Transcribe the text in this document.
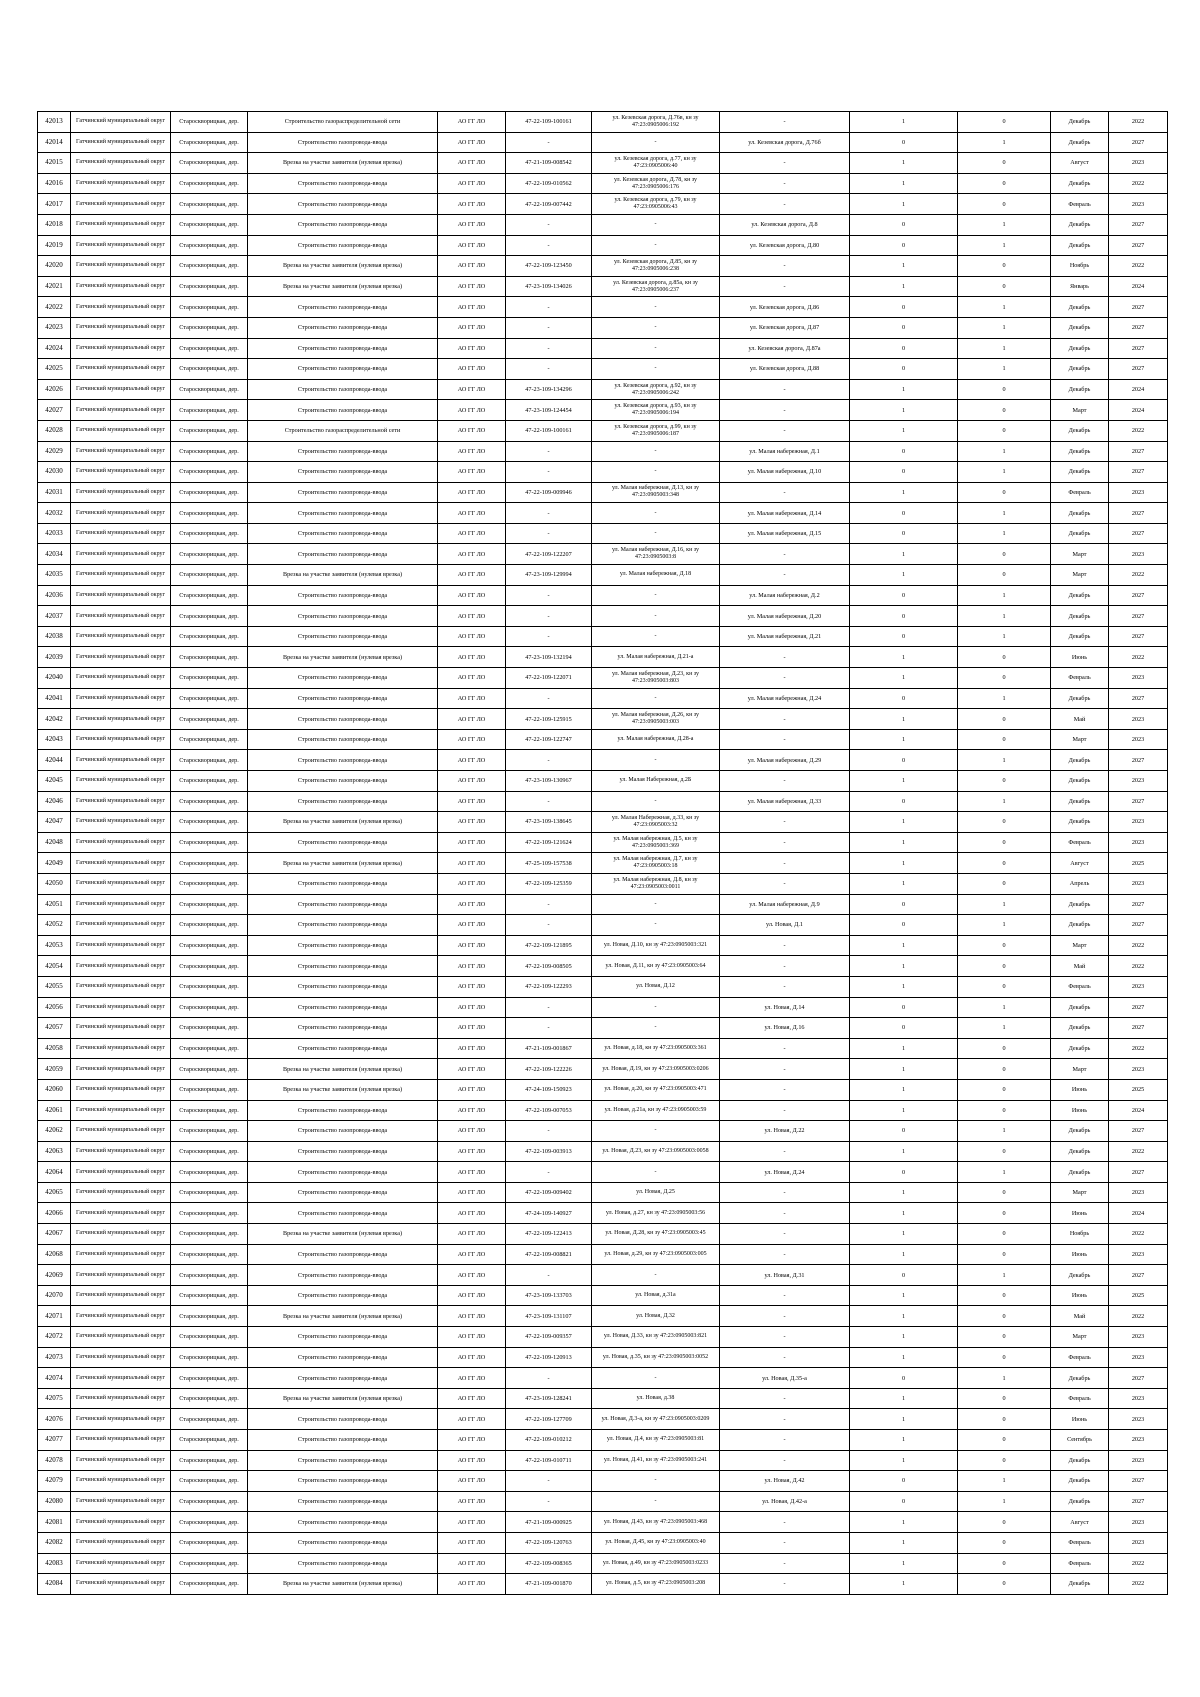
42013	Гатчинский муниципальный округ	Староскворицкая, дер.	Строительство газораспределительной сети	АО ГГ ЛО	47-22-109-100161	ул. Кезевская дорога, Д.76в, кн зу 47:23:0905006:192	-	1	0	Декабрь	2022
42014	Гатчинский муниципальный округ	Староскворицкая, дер.	Строительство газопровода-ввода	АО ГГ ЛО	-	-	ул. Кезевская дорога, Д.76б	0	1	Декабрь	2027
42015	Гатчинский муниципальный округ	Староскворицкая, дер.	Врезка на участке заявителя (нулевая врезка)	АО ГГ ЛО	47-21-109-008542	ул. Кезевская дорога, д.77, кн зу 47:23:0905006:40	-	1	0	Август	2023
42016	Гатчинский муниципальный округ	Староскворицкая, дер.	Строительство газопровода-ввода	АО ГГ ЛО	47-22-109-010562	ул. Кезевская дорога, Д.78, кн зу 47:23:0905006:176	-	1	0	Декабрь	2022
42017	Гатчинский муниципальный округ	Староскворицкая, дер.	Строительство газопровода-ввода	АО ГГ ЛО	47-22-109-007442	ул. Кезевская дорога, д.79, кн зу 47:23:0905006:43	-	1	0	Февраль	2023
42018	Гатчинский муниципальный округ	Староскворицкая, дер.	Строительство газопровода-ввода	АО ГГ ЛО	-	-	ул. Кезевская дорога, Д.8	0	1	Декабрь	2027
42019	Гатчинский муниципальный округ	Староскворицкая, дер.	Строительство газопровода-ввода	АО ГГ ЛО	-	-	ул. Кезевская дорога, Д.80	0	1	Декабрь	2027
42020	Гатчинский муниципальный округ	Староскворицкая, дер.	Врезка на участке заявителя (нулевая врезка)	АО ГГ ЛО	47-22-109-123450	ул. Кезевская дорога, Д.85, кн зу 47:23:0905006:238	-	1	0	Ноябрь	2022
42021	Гатчинский муниципальный округ	Староскворицкая, дер.	Врезка на участке заявителя (нулевая врезка)	АО ГГ ЛО	47-23-109-134026	ул. Кезевская дорога, д.85а, кн зу 47:23:0905006:237	-	1	0	Январь	2024
42022	Гатчинский муниципальный округ	Староскворицкая, дер.	Строительство газопровода-ввода	АО ГГ ЛО	-	-	ул. Кезевская дорога, Д.86	0	1	Декабрь	2027
42023	Гатчинский муниципальный округ	Староскворицкая, дер.	Строительство газопровода-ввода	АО ГГ ЛО	-	-	ул. Кезевская дорога, Д.87	0	1	Декабрь	2027
42024	Гатчинский муниципальный округ	Староскворицкая, дер.	Строительство газопровода-ввода	АО ГГ ЛО	-	-	ул. Кезевская дорога, Д.87а	0	1	Декабрь	2027
42025	Гатчинский муниципальный округ	Староскворицкая, дер.	Строительство газопровода-ввода	АО ГГ ЛО	-	-	ул. Кезевская дорога, Д.88	0	1	Декабрь	2027
42026	Гатчинский муниципальный округ	Староскворицкая, дер.	Строительство газопровода-ввода	АО ГГ ЛО	47-23-109-134296	ул. Кезевская дорога, д.92, кн зу 47:23:0905006:242	-	1	0	Декабрь	2024
42027	Гатчинский муниципальный округ	Староскворицкая, дер.	Строительство газопровода-ввода	АО ГГ ЛО	47-23-109-124454	ул. Кезевская дорога, д.93, кн зу 47:23:0905006:194	-	1	0	Март	2024
42028	Гатчинский муниципальный округ	Староскворицкая, дер.	Строительство газораспределительной сети	АО ГГ ЛО	47-22-109-100161	ул. Кезевская дорога, д.99, кн зу 47:23:0905006:187	-	1	0	Декабрь	2022
42029	Гатчинский муниципальный округ	Староскворицкая, дер.	Строительство газопровода-ввода	АО ГГ ЛО	-	-	ул. Малая набережная, Д.1	0	1	Декабрь	2027
42030	Гатчинский муниципальный округ	Староскворицкая, дер.	Строительство газопровода-ввода	АО ГГ ЛО	-	-	ул. Малая набережная, Д.10	0	1	Декабрь	2027
42031	Гатчинский муниципальный округ	Староскворицкая, дер.	Строительство газопровода-ввода	АО ГГ ЛО	47-22-109-009946	ул. Малая набережная, Д.13, кн зу 47:23:0905003:348	-	1	0	Февраль	2023
42032	Гатчинский муниципальный округ	Староскворицкая, дер.	Строительство газопровода-ввода	АО ГГ ЛО	-	-	ул. Малая набережная, Д.14	0	1	Декабрь	2027
42033	Гатчинский муниципальный округ	Староскворицкая, дер.	Строительство газопровода-ввода	АО ГГ ЛО	-	-	ул. Малая набережная, Д.15	0	1	Декабрь	2027
42034	Гатчинский муниципальный округ	Староскворицкая, дер.	Строительство газопровода-ввода	АО ГГ ЛО	47-22-109-122207	ул. Малая набережная, Д.16, кн зу 47:23:0905003:8	-	1	0	Март	2023
42035	Гатчинский муниципальный округ	Староскворицкая, дер.	Врезка на участке заявителя (нулевая врезка)	АО ГГ ЛО	47-23-109-129994	ул. Малая набережная, Д.18	-	1	0	Март	2022
42036	Гатчинский муниципальный округ	Староскворицкая, дер.	Строительство газопровода-ввода	АО ГГ ЛО	-	-	ул. Малая набережная, Д.2	0	1	Декабрь	2027
42037	Гатчинский муниципальный округ	Староскворицкая, дер.	Строительство газопровода-ввода	АО ГГ ЛО	-	-	ул. Малая набережная, Д.20	0	1	Декабрь	2027
42038	Гатчинский муниципальный округ	Староскворицкая, дер.	Строительство газопровода-ввода	АО ГГ ЛО	-	-	ул. Малая набережная, Д.21	0	1	Декабрь	2027
42039	Гатчинский муниципальный округ	Староскворицкая, дер.	Врезка на участке заявителя (нулевая врезка)	АО ГГ ЛО	47-23-109-132194	ул. Малая набережная, Д.21-а	-	1	0	Июнь	2022
42040	Гатчинский муниципальный округ	Староскворицкая, дер.	Строительство газопровода-ввода	АО ГГ ЛО	47-22-109-122071	ул. Малая набережная, Д.23, кн зу 47:23:0905003:803	-	1	0	Февраль	2023
42041	Гатчинский муниципальный округ	Староскворицкая, дер.	Строительство газопровода-ввода	АО ГГ ЛО	-	-	ул. Малая набережная, Д.24	0	1	Декабрь	2027
42042	Гатчинский муниципальный округ	Староскворицкая, дер.	Строительство газопровода-ввода	АО ГГ ЛО	47-22-109-125915	ул. Малая набережная, Д.26, кн зу 47:23:0905003:003	-	1	0	Май	2023
42043	Гатчинский муниципальный округ	Староскворицкая, дер.	Строительство газопровода-ввода	АО ГГ ЛО	47-22-109-122747	ул. Малая набережная, Д.28-а	-	1	0	Март	2023
42044	Гатчинский муниципальный округ	Староскворицкая, дер.	Строительство газопровода-ввода	АО ГГ ЛО	-	-	ул. Малая набережная, Д.29	0	1	Декабрь	2027
42045	Гатчинский муниципальный округ	Староскворицкая, дер.	Строительство газопровода-ввода	АО ГГ ЛО	47-23-109-130967	ул. Малая Набережная, д.2Б	-	1	0	Декабрь	2023
42046	Гатчинский муниципальный округ	Староскворицкая, дер.	Строительство газопровода-ввода	АО ГГ ЛО	-	-	ул. Малая набережная, Д.33	0	1	Декабрь	2027
42047	Гатчинский муниципальный округ	Староскворицкая, дер.	Врезка на участке заявителя (нулевая врезка)	АО ГГ ЛО	47-23-109-138645	ул. Малая Набережная, д.33, кн зу 47:23:0905003:32	-	1	0	Декабрь	2023
42048	Гатчинский муниципальный округ	Староскворицкая, дер.	Строительство газопровода-ввода	АО ГГ ЛО	47-22-109-121624	ул. Малая набережная, Д.5, кн зу 47:23:0905003:369	-	1	0	Февраль	2023
42049	Гатчинский муниципальный округ	Староскворицкая, дер.	Врезка на участке заявителя (нулевая врезка)	АО ГГ ЛО	47-25-109-157538	ул. Малая набережная, Д.7, кн зу 47:23:0905003:18	-	1	0	Август	2025
42050	Гатчинский муниципальный округ	Староскворицкая, дер.	Строительство газопровода-ввода	АО ГГ ЛО	47-22-109-125359	ул. Малая набережная, Д.8, кн зу 47:23:0905003:0011	-	1	0	Апрель	2023
42051	Гатчинский муниципальный округ	Староскворицкая, дер.	Строительство газопровода-ввода	АО ГГ ЛО	-	-	ул. Малая набережная, Д.9	0	1	Декабрь	2027
42052	Гатчинский муниципальный округ	Староскворицкая, дер.	Строительство газопровода-ввода	АО ГГ ЛО	-	-	ул. Новая, Д.1	0	1	Декабрь	2027
42053	Гатчинский муниципальный округ	Староскворицкая, дер.	Строительство газопровода-ввода	АО ГГ ЛО	47-22-109-121895	ул. Новая, Д.10, кн зу 47:23:0905003:321	-	1	0	Март	2022
42054	Гатчинский муниципальный округ	Староскворицкая, дер.	Строительство газопровода-ввода	АО ГГ ЛО	47-22-109-008505	ул. Новая, Д.11, кн зу 47:23:0905003:64	-	1	0	Май	2022
42055	Гатчинский муниципальный округ	Староскворицкая, дер.	Строительство газопровода-ввода	АО ГГ ЛО	47-22-109-122293	ул. Новая, Д.12	-	1	0	Февраль	2023
42056	Гатчинский муниципальный округ	Староскворицкая, дер.	Строительство газопровода-ввода	АО ГГ ЛО	-	-	ул. Новая, Д.14	0	1	Декабрь	2027
42057	Гатчинский муниципальный округ	Староскворицкая, дер.	Строительство газопровода-ввода	АО ГГ ЛО	-	-	ул. Новая, Д.16	0	1	Декабрь	2027
42058	Гатчинский муниципальный округ	Староскворицкая, дер.	Строительство газопровода-ввода	АО ГГ ЛО	47-21-109-001867	ул. Новая, д.18, кн зу 47:23:0905003:361	-	1	0	Декабрь	2022
42059	Гатчинский муниципальный округ	Староскворицкая, дер.	Врезка на участке заявителя (нулевая врезка)	АО ГГ ЛО	47-22-109-122226	ул. Новая, Д.19, кн зу 47:23:0905003:0206	-	1	0	Март	2023
42060	Гатчинский муниципальный округ	Староскворицкая, дер.	Врезка на участке заявителя (нулевая врезка)	АО ГГ ЛО	47-24-109-150923	ул. Новая, д.20, кн зу 47:23:0905003:471	-	1	0	Июнь	2025
42061	Гатчинский муниципальный округ	Староскворицкая, дер.	Строительство газопровода-ввода	АО ГГ ЛО	47-22-109-007053	ул. Новая, д.21а, кн зу 47:23:0905003:59	-	1	0	Июнь	2024
42062	Гатчинский муниципальный округ	Староскворицкая, дер.	Строительство газопровода-ввода	АО ГГ ЛО	-	-	ул. Новая, Д.22	0	1	Декабрь	2027
42063	Гатчинский муниципальный округ	Староскворицкая, дер.	Строительство газопровода-ввода	АО ГГ ЛО	47-22-109-003913	ул. Новая, Д.23, кн зу 47:23:0905003:0058	-	1	0	Декабрь	2022
42064	Гатчинский муниципальный округ	Староскворицкая, дер.	Строительство газопровода-ввода	АО ГГ ЛО	-	-	ул. Новая, Д.24	0	1	Декабрь	2027
42065	Гатчинский муниципальный округ	Староскворицкая, дер.	Строительство газопровода-ввода	АО ГГ ЛО	47-22-109-009402	ул. Новая, Д.25	-	1	0	Март	2023
42066	Гатчинский муниципальный округ	Староскворицкая, дер.	Строительство газопровода-ввода	АО ГГ ЛО	47-24-109-140927	ул. Новая, д.27, кн зу 47:23:0905003:56	-	1	0	Июнь	2024
42067	Гатчинский муниципальный округ	Староскворицкая, дер.	Врезка на участке заявителя (нулевая врезка)	АО ГГ ЛО	47-22-109-122413	ул. Новая, Д.28, кн зу 47:23:0905003:45	-	1	0	Ноябрь	2022
42068	Гатчинский муниципальный округ	Староскворицкая, дер.	Строительство газопровода-ввода	АО ГГ ЛО	47-22-109-008821	ул. Новая, д.29, кн зу 47:23:0905003:005	-	1	0	Июнь	2023
42069	Гатчинский муниципальный округ	Староскворицкая, дер.	Строительство газопровода-ввода	АО ГГ ЛО	-	-	ул. Новая, Д.31	0	1	Декабрь	2027
42070	Гатчинский муниципальный округ	Староскворицкая, дер.	Строительство газопровода-ввода	АО ГГ ЛО	47-23-109-133703	ул. Новая, д.31а	-	1	0	Июнь	2025
42071	Гатчинский муниципальный округ	Староскворицкая, дер.	Врезка на участке заявителя (нулевая врезка)	АО ГГ ЛО	47-23-109-131107	ул. Новая, Д.32	-	1	0	Май	2022
42072	Гатчинский муниципальный округ	Староскворицкая, дер.	Строительство газопровода-ввода	АО ГГ ЛО	47-22-109-009357	ул. Новая, Д.33, кн зу 47:23:0905003:821	-	1	0	Март	2023
42073	Гатчинский муниципальный округ	Староскворицкая, дер.	Строительство газопровода-ввода	АО ГГ ЛО	47-22-109-120913	ул. Новая, д.35, кн зу 47:23:0905003:0052	-	1	0	Февраль	2023
42074	Гатчинский муниципальный округ	Староскворицкая, дер.	Строительство газопровода-ввода	АО ГГ ЛО	-	-	ул. Новая, Д.35-а	0	1	Декабрь	2027
42075	Гатчинский муниципальный округ	Староскворицкая, дер.	Врезка на участке заявителя (нулевая врезка)	АО ГГ ЛО	47-23-109-128241	ул. Новая, д.38	-	1	0	Февраль	2023
42076	Гатчинский муниципальный округ	Староскворицкая, дер.	Строительство газопровода-ввода	АО ГГ ЛО	47-22-109-127709	ул. Новая, Д.3-а, кн зу 47:23:0905003:0209	-	1	0	Июнь	2023
42077	Гатчинский муниципальный округ	Староскворицкая, дер.	Строительство газопровода-ввода	АО ГГ ЛО	47-22-109-010212	ул. Новая, Д.4, кн зу 47:23:0905003:81	-	1	0	Сентябрь	2023
42078	Гатчинский муниципальный округ	Староскворицкая, дер.	Строительство газопровода-ввода	АО ГГ ЛО	47-22-109-010711	ул. Новая, Д.41, кн зу 47:23:0905003:241	-	1	0	Декабрь	2023
42079	Гатчинский муниципальный округ	Староскворицкая, дер.	Строительство газопровода-ввода	АО ГГ ЛО	-	-	ул. Новая, Д.42	0	1	Декабрь	2027
42080	Гатчинский муниципальный округ	Староскворицкая, дер.	Строительство газопровода-ввода	АО ГГ ЛО	-	-	ул. Новая, Д.42-а	0	1	Декабрь	2027
42081	Гатчинский муниципальный округ	Староскворицкая, дер.	Строительство газопровода-ввода	АО ГГ ЛО	47-21-109-000925	ул. Новая, Д.43, кн зу 47:23:0905003:468	-	1	0	Август	2023
42082	Гатчинский муниципальный округ	Староскворицкая, дер.	Строительство газопровода-ввода	АО ГГ ЛО	47-22-109-120763	ул. Новая, Д.45, кн зу 47:23:0905003:40	-	1	0	Февраль	2023
42083	Гатчинский муниципальный округ	Староскворицкая, дер.	Строительство газопровода-ввода	АО ГГ ЛО	47-22-109-008365	ул. Новая, д.49, кн зу 47:23:0905003:0233	-	1	0	Февраль	2022
42084	Гатчинский муниципальный округ	Староскворицкая, дер.	Врезка на участке заявителя (нулевая врезка)	АО ГГ ЛО	47-21-109-001870	ул. Новая, д.5, кн зу 47:23:0905003:208	-	1	0	Декабрь	2022
